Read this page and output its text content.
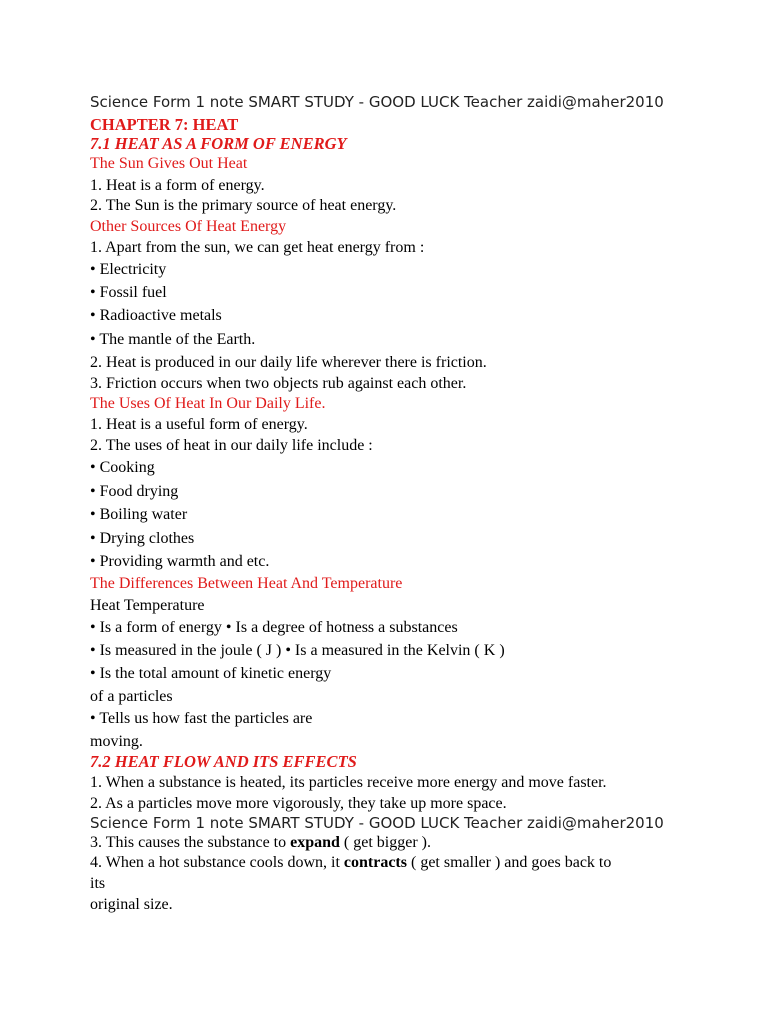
Science Form 1 note SMART STUDY - GOOD LUCK Teacher zaidi@maher2010
CHAPTER 7: HEAT
7.1 HEAT AS A FORM OF ENERGY
The Sun Gives Out Heat
1. Heat is a form of energy.
2. The Sun is the primary source of heat energy.
Other Sources Of Heat Energy
1. Apart from the sun, we can get heat energy from :
• Electricity
• Fossil fuel
• Radioactive metals
• The mantle of the Earth.
2. Heat is produced in our daily life wherever there is friction.
3. Friction occurs when two objects rub against each other.
The Uses Of Heat In Our Daily Life.
1. Heat is a useful form of energy.
2. The uses of heat in our daily life include :
• Cooking
• Food drying
• Boiling water
• Drying clothes
• Providing warmth and etc.
The Differences Between Heat And Temperature
Heat Temperature
• Is a form of energy • Is a degree of hotness a substances
• Is measured in the joule ( J ) • Is a measured in the Kelvin ( K )
• Is the total amount of kinetic energy
of a particles
• Tells us how fast the particles are
moving.
7.2 HEAT FLOW AND ITS EFFECTS
1. When a substance is heated, its particles receive more energy and move faster.
2. As a particles move more vigorously, they take up more space.
Science Form 1 note SMART STUDY - GOOD LUCK Teacher zaidi@maher2010
3. This causes the substance to expand ( get bigger ).
4. When a hot substance cools down, it contracts ( get smaller ) and goes back to
its
original size.
